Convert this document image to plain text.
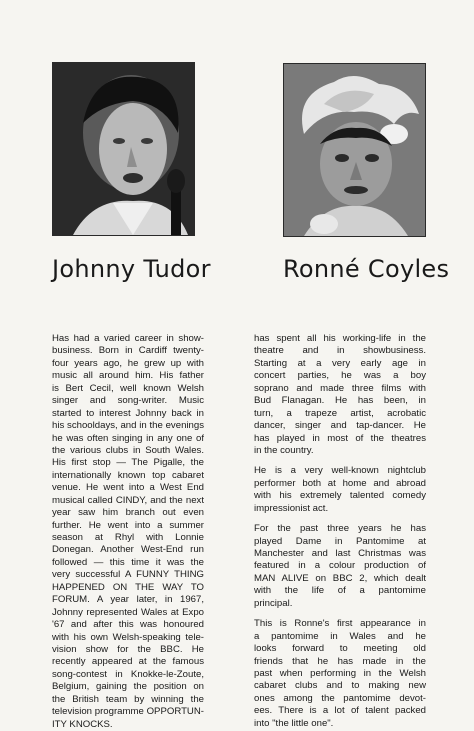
Johnny Tudor	Ronné Coyles
Has had a varied career in show-
business. Born in Cardiff twenty-
four years ago, he grew up with
music all around him. His father
is Bert Cecil, well known Welsh
singer and song-writer. Music
started to interest Johnny back in
his schooldays, and in the evenings
he was often singing in any one of
the various clubs in South Wales.
His first stop — The Pigalle, the
internationally known top cabaret
venue. He went into a West End
musical called CINDY, and the next
year saw him branch out even
further. He went into a summer
season at Rhyl with Lonnie
Donegan. Another West-End run
followed — this time it was the
very successful A FUNNY THING
HAPPENED ON THE WAY TO
FORUM. A year later, in 1967,
Johnny represented Wales at Expo
'67 and after this was honoured
with his own Welsh-speaking tele-
vision show for the BBC. He
recently appeared at the famous
song-contest in Knokke-le-Zoute,
Belgium, gaining the position on
the British team by winning the
television programme OPPORTUN-
ITY KNOCKS.
has spent all his working-life in the
theatre and in showbusiness.
Starting at a very early age in
concert parties, he was a boy
soprano and made three films with
Bud Flanagan. He has been, in
turn, a trapeze artist, acrobatic
dancer, singer and tap-dancer. He
has played in most of the theatres
in the country.
He is a very well-known nightclub
performer both at home and abroad
with his extremely talented comedy
impressionist act.
For the past three years he has
played Dame in Pantomime at
Manchester and last Christmas was
featured in a colour production of
MAN ALIVE on BBC 2, which dealt
with the life of a pantomime
principal.
This is Ronne's first appearance in
a pantomime in Wales and he
looks forward to meeting old
friends that he has made in the
past when performing in the Welsh
cabaret clubs and to making new
ones among the pantomime devot-
ees. There is a lot of talent packed
into "the little one".
